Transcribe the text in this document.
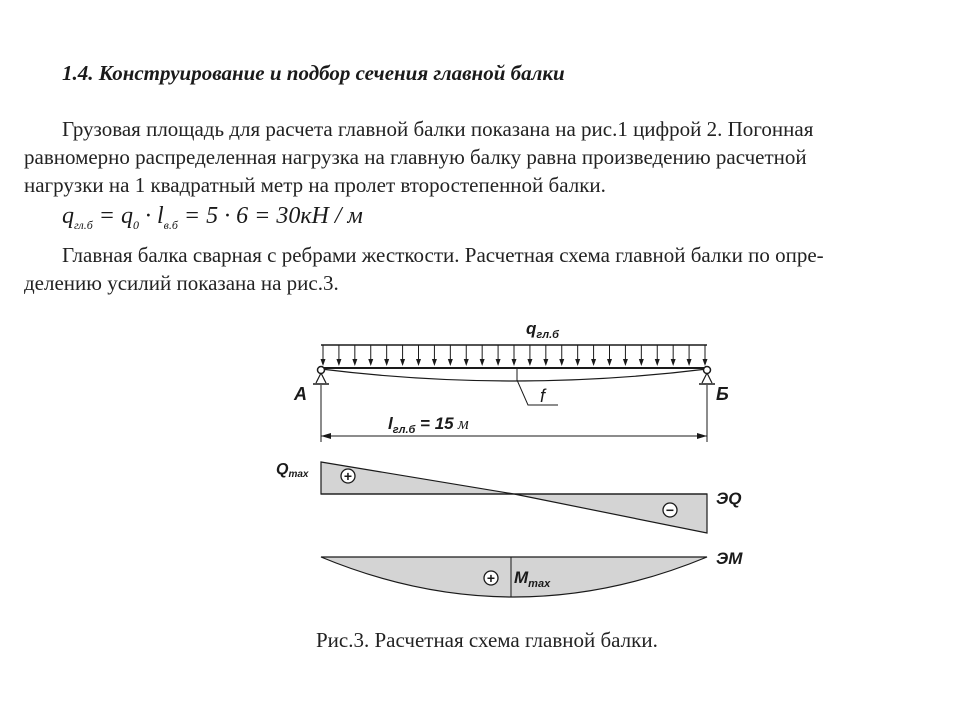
1.4. Конструирование и подбор сечения главной балки
Грузовая площадь для расчета главной балки показана на рис.1 цифрой 2. Погонная
равномерно распределенная нагрузка на главную балку равна произведению расчетной
нагрузки на 1 квадратный метр на пролет второстепенной балки.
$q_{гл.б} = q_0 \cdot l_{в.б} = 5 \cdot 6 = 30кН / м$
Главная балка сварная с ребрами жесткости. Расчетная схема главной балки по опре-
делению усилий показана на рис.3.
$q_{гл.б}$
f
А	Б
$l_{гл.б} = 15$ м
Qmax	+
−
ЭQ
+ $M_{max}$
ЭМ
Рис.3. Расчетная схема главной балки.
